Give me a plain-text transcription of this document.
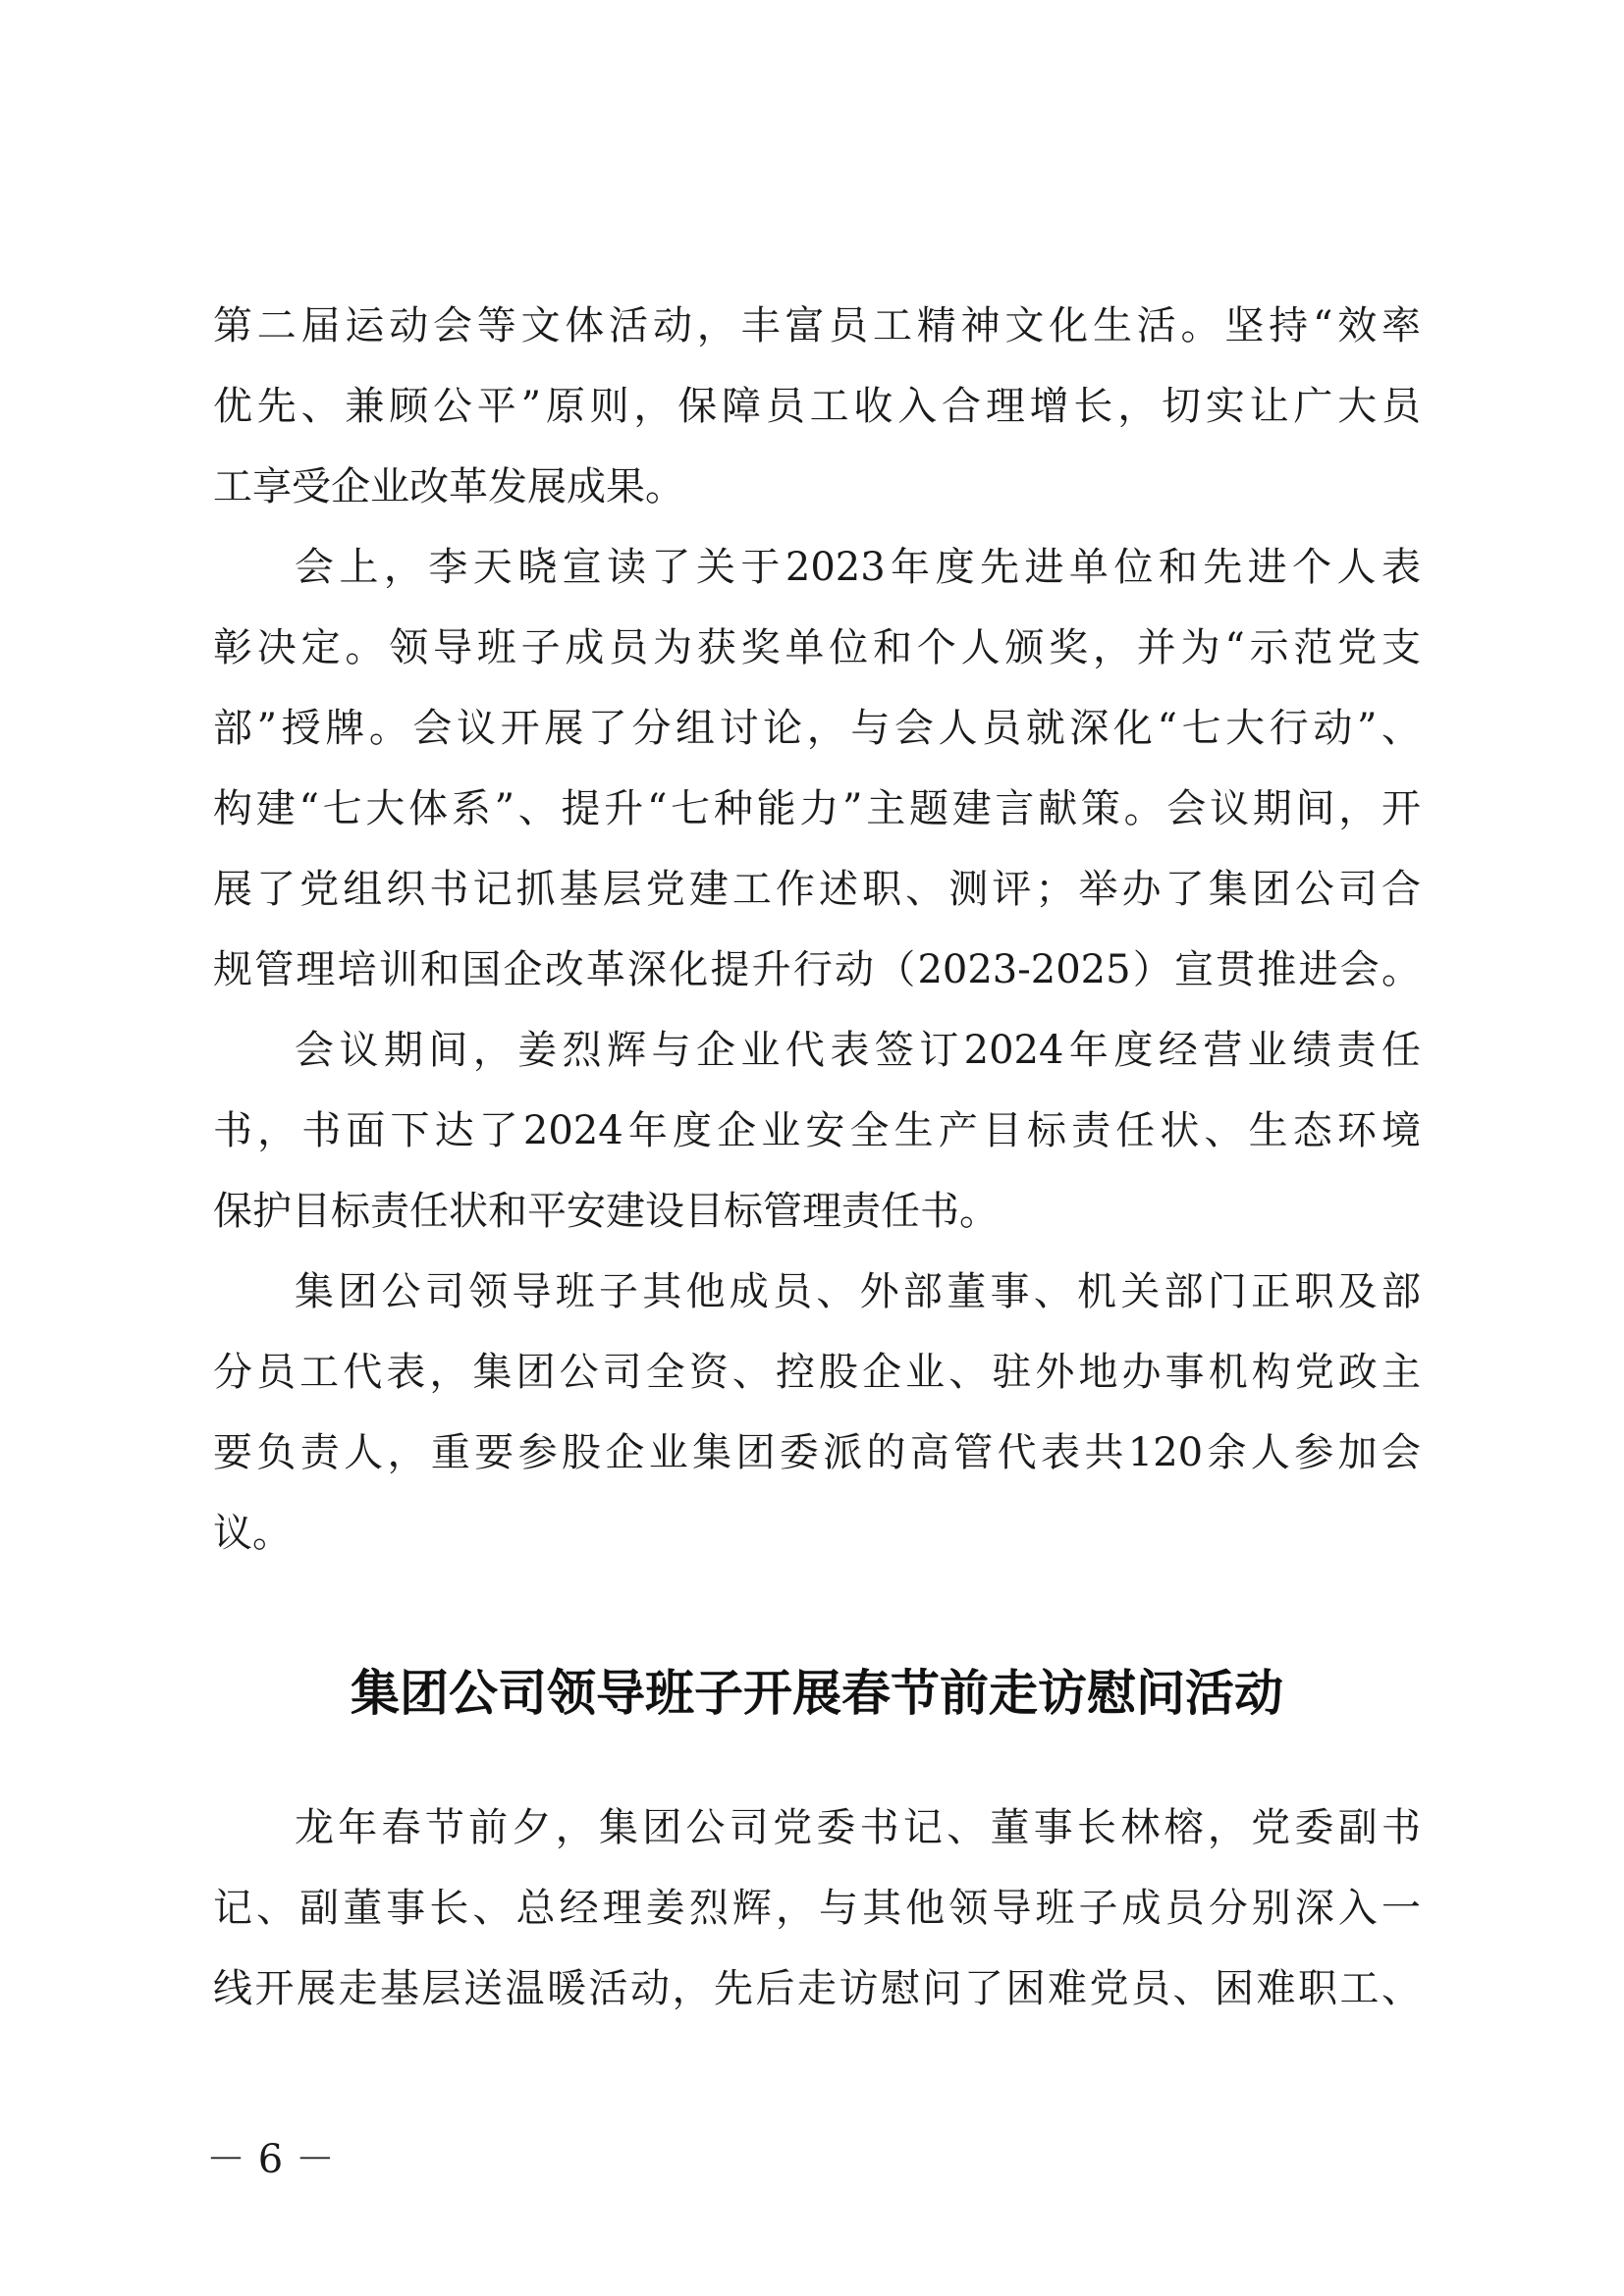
第二届运动会等文体活动，丰富员工精神文化生活。坚持“效率
优先、兼顾公平”原则，保障员工收入合理增长，切实让广大员
工享受企业改革发展成果。
会上，李天晓宣读了关于2023年度先进单位和先进个人表
彰决定。领导班子成员为获奖单位和个人颁奖，并为“示范党支
部”授牌。会议开展了分组讨论，与会人员就深化“七大行动”、
构建“七大体系”、提升“七种能力”主题建言献策。会议期间，开
展了党组织书记抓基层党建工作述职、测评；举办了集团公司合
规管理培训和国企改革深化提升行动（2023-2025）宣贯推进会。
会议期间，姜烈辉与企业代表签订2024年度经营业绩责任
书，书面下达了2024年度企业安全生产目标责任状、生态环境
保护目标责任状和平安建设目标管理责任书。
集团公司领导班子其他成员、外部董事、机关部门正职及部
分员工代表，集团公司全资、控股企业、驻外地办事机构党政主
要负责人，重要参股企业集团委派的高管代表共120余人参加会
议。
集团公司领导班子开展春节前走访慰问活动
龙年春节前夕，集团公司党委书记、董事长林榕，党委副书
记、副董事长、总经理姜烈辉，与其他领导班子成员分别深入一
线开展走基层送温暖活动，先后走访慰问了困难党员、困难职工、
－ 6 －
